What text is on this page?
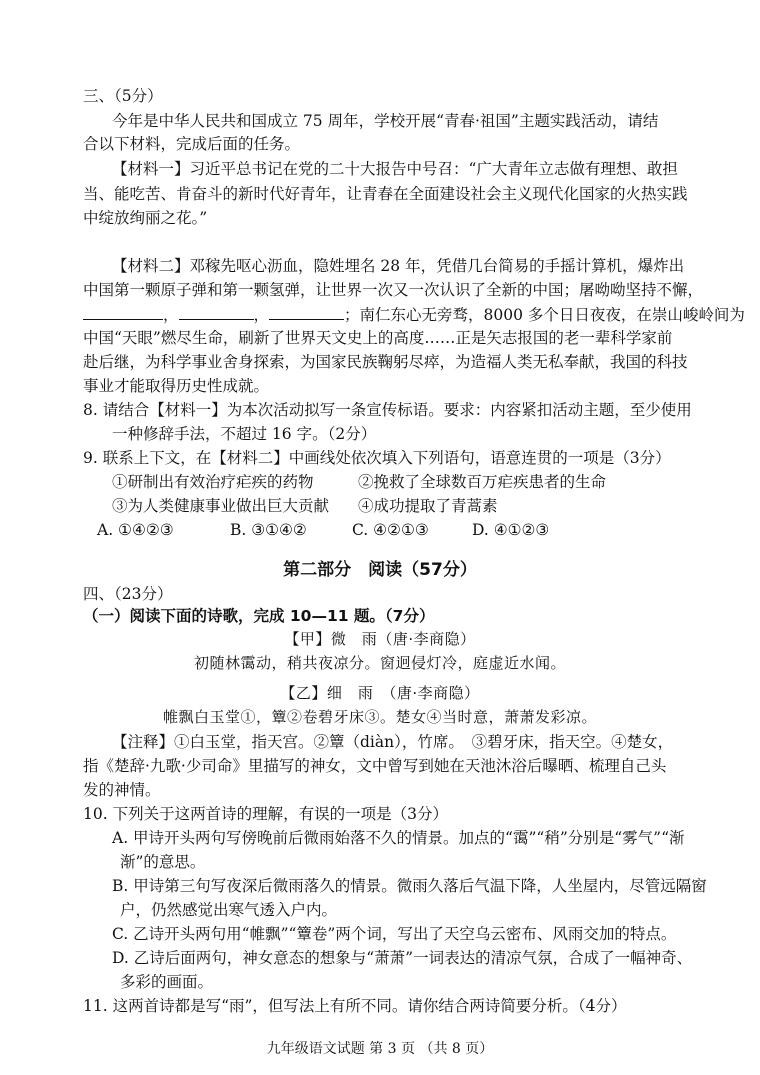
三、（5分）
今年是中华人民共和国成立 75 周年，学校开展“青春·祖国”主题实践活动，请结
合以下材料，完成后面的任务。
【材料一】习近平总书记在党的二十大报告中号召：“广大青年立志做有理想、敢担
当、能吃苦、肯奋斗的新时代好青年，让青春在全面建设社会主义现代化国家的火热实践
中绽放绚丽之花。”
【材料二】邓稼先呕心沥血，隐姓埋名 28 年，凭借几台简易的手摇计算机，爆炸出
中国第一颗原子弹和第一颗氢弹，让世界一次又一次认识了全新的中国；屠呦呦坚持不懈，
，	，	；南仁东心无旁骛，8000 多个日日夜夜，在崇山峻岭间为
中国“天眼”燃尽生命，刷新了世界天文史上的高度……正是矢志报国的老一辈科学家前
赴后继，为科学事业舍身探索，为国家民族鞠躬尽瘁，为造福人类无私奉献，我国的科技
事业才能取得历史性成就。
8. 请结合【材料一】为本次活动拟写一条宣传标语。要求：内容紧扣活动主题，至少使用
一种修辞手法，不超过 16 字。（2分）
9. 联系上下文，在【材料二】中画线处依次填入下列语句，语意连贯的一项是（3分）
①研制出有效治疗疟疾的药物	②挽救了全球数百万疟疾患者的生命
③为人类健康事业做出巨大贡献 ④成功提取了青蒿素
A. ①④②③	B. ③①④②	C. ④②①③	D. ④①②③
第二部分　阅读（57分）
四、（23分）
（一）阅读下面的诗歌，完成 10—11 题。（7分）
【甲】微　雨（唐·李商隐）
初随林霭动，稍共夜凉分。窗迥侵灯冷，庭虚近水闻。
【乙】细　雨　（唐·李商隐）
帷飘白玉堂①，簟②卷碧牙床③。楚女④当时意，萧萧发彩凉。
【注释】①白玉堂，指天宫。②簟（diàn），竹席。　③碧牙床，指天空。④楚女，
指《楚辞·九歌·少司命》里描写的神女，文中曾写到她在天池沐浴后曝晒、梳理自己头
发的神情。
10. 下列关于这两首诗的理解，有误的一项是（3分）
A. 甲诗开头两句写傍晚前后微雨始落不久的情景。加点的“霭”“稍”分别是“雾气”“渐
渐”的意思。
B. 甲诗第三句写夜深后微雨落久的情景。微雨久落后气温下降，人坐屋内，尽管远隔窗
户，仍然感觉出寒气透入户内。
C. 乙诗开头两句用“帷飘”“簟卷”两个词，写出了天空乌云密布、风雨交加的特点。
D. 乙诗后面两句，神女意态的想象与“萧萧”一词表达的清凉气氛，合成了一幅神奇、
多彩的画面。
11. 这两首诗都是写“雨”，但写法上有所不同。请你结合两诗简要分析。（4分）
九年级语文试题 第 3 页 （共 8 页）
